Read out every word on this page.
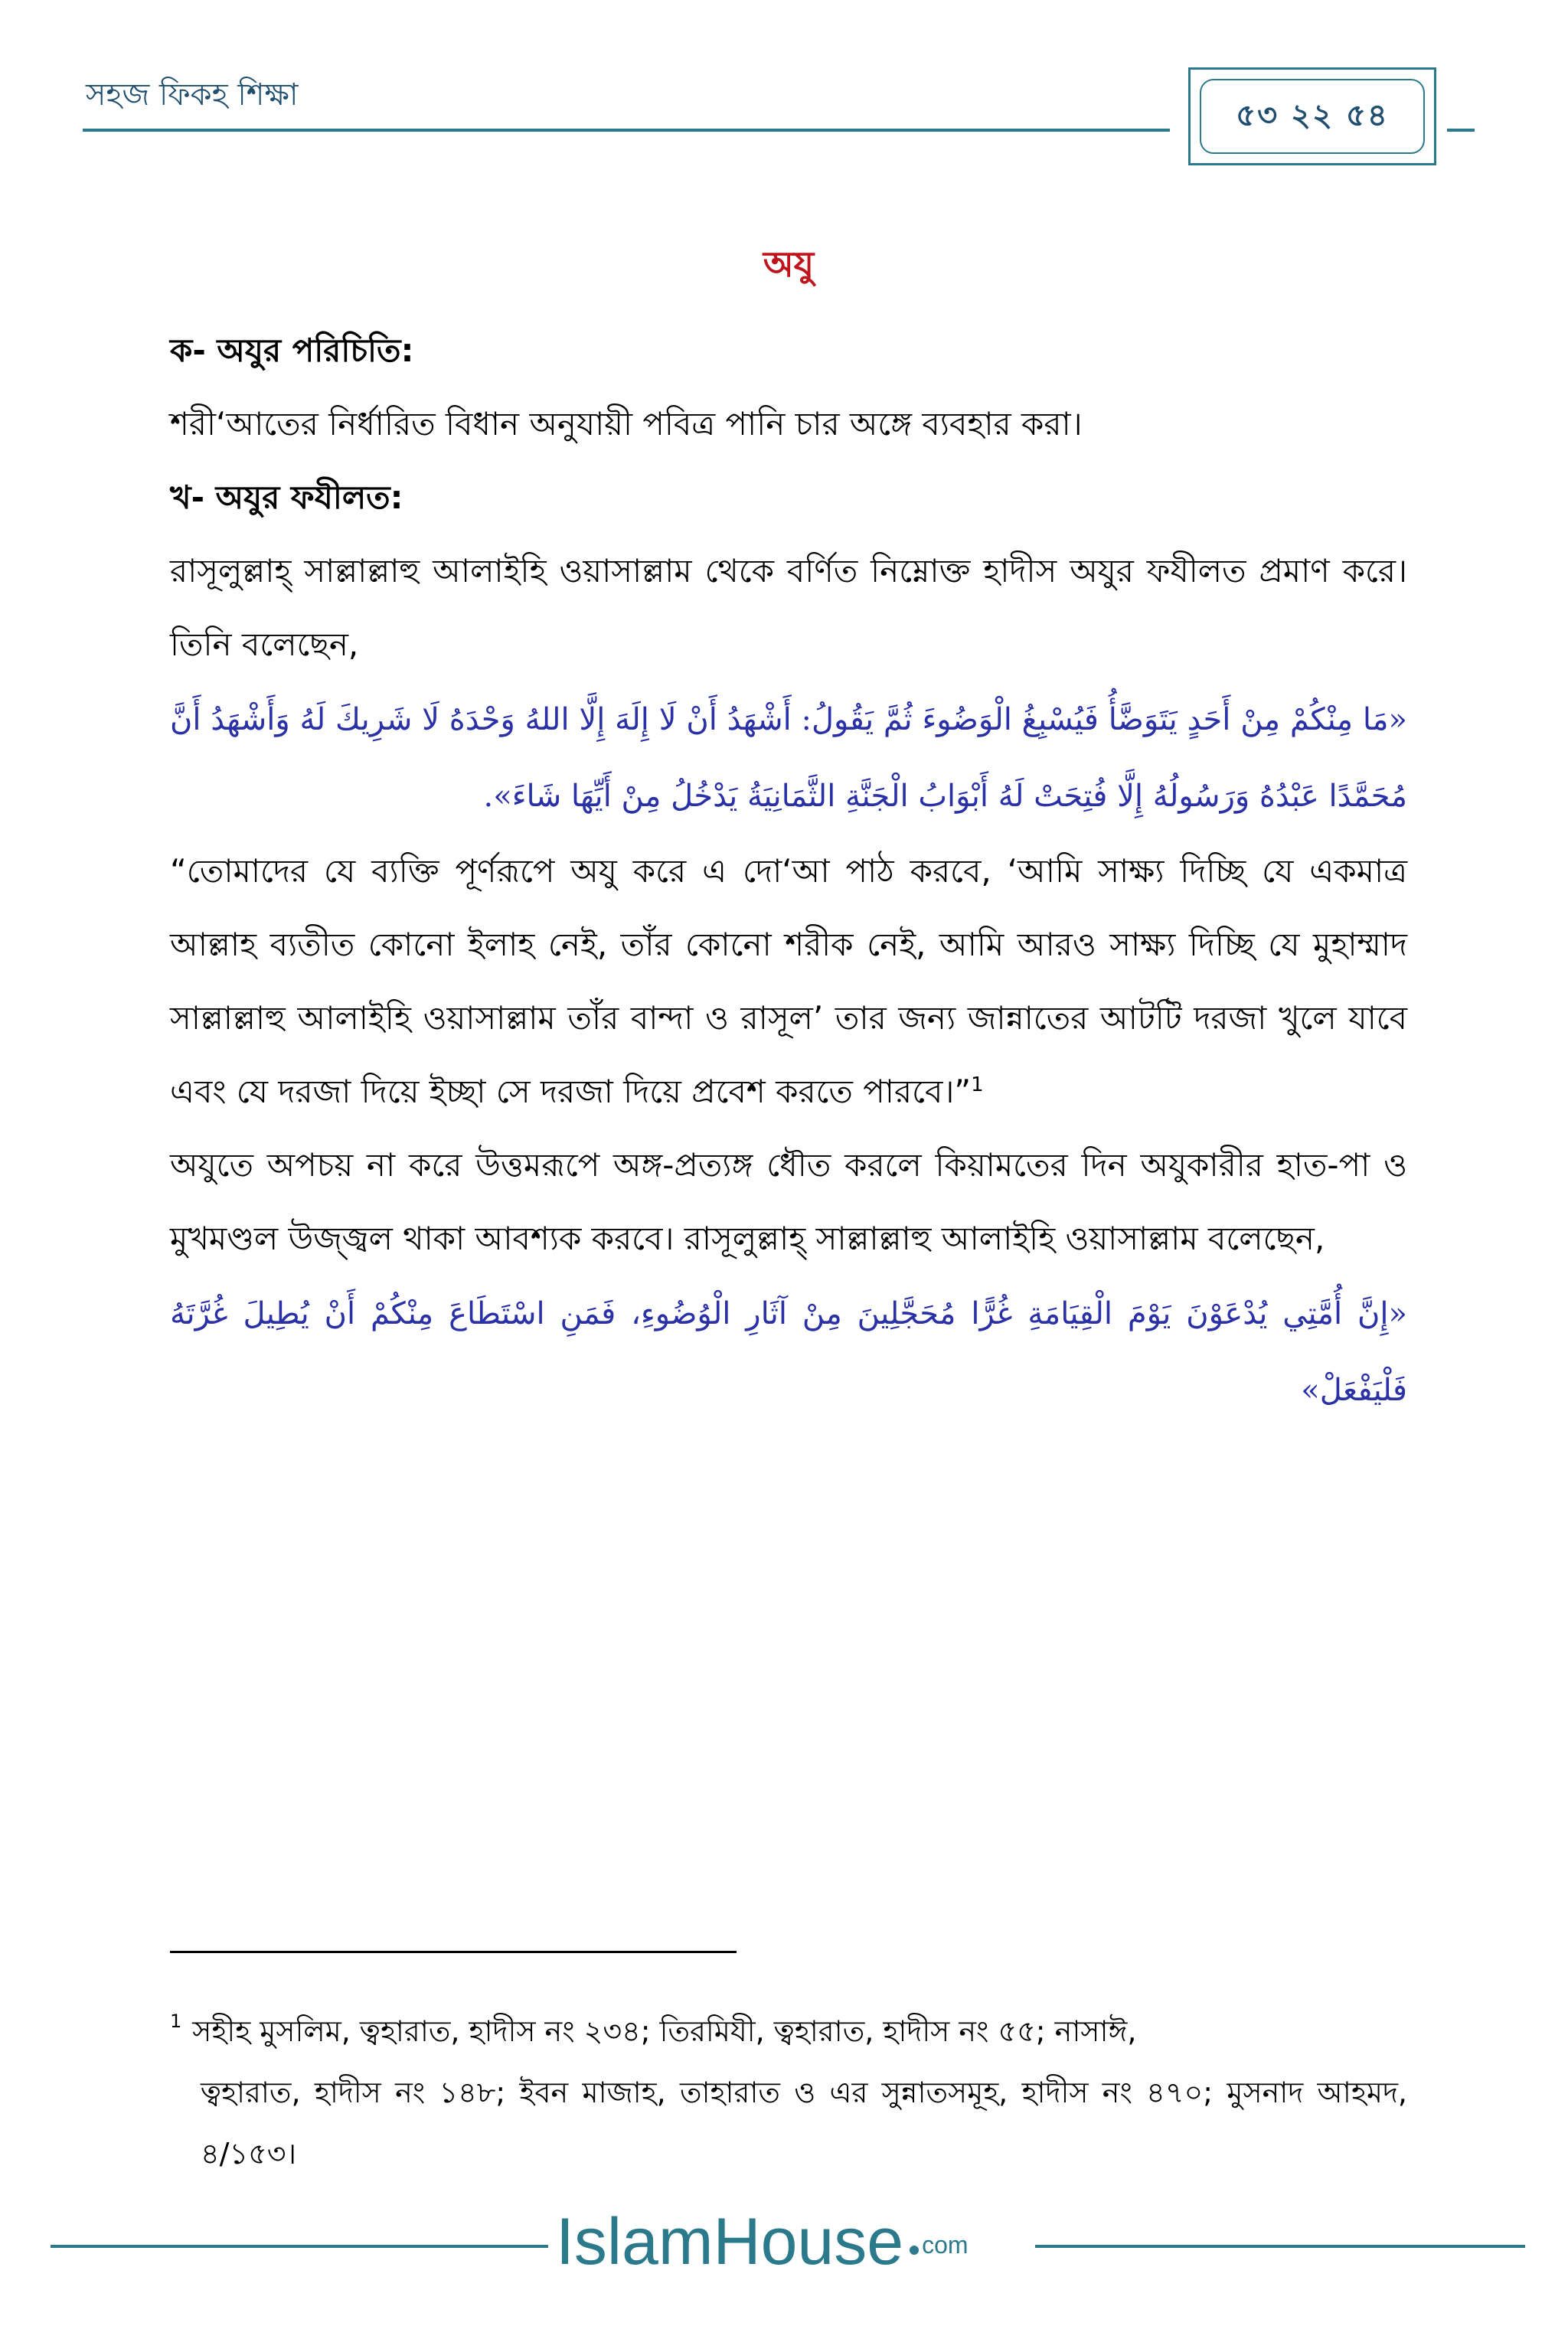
সহজ ফিকহ শিক্ষা
৫৩ ২২ ৫৪
অযু
ক- অযুর পরিচিতি:
শরী‘আতের নির্ধারিত বিধান অনুযায়ী পবিত্র পানি চার অঙ্গে ব্যবহার করা।
খ- অযুর ফযীলত:
রাসূলুল্লাহ্‌ সাল্লাল্লাহু আলাইহি ওয়াসাল্লাম থেকে বর্ণিত নিম্নোক্ত হাদীস অযুর ফযীলত প্রমাণ করে। তিনি বলেছেন,
«مَا مِنْكُمْ مِنْ أَحَدٍ يَتَوَضَّأُ فَيُسْبِغُ الْوَضُوءَ ثُمَّ يَقُولُ: أَشْهَدُ أَنْ لَا إِلَهَ إِلَّا اللهُ وَحْدَهُ لَا شَرِيكَ لَهُ وَأَشْهَدُ أَنَّ مُحَمَّدًا عَبْدُهُ وَرَسُولُهُ إِلَّا فُتِحَتْ لَهُ أَبْوَابُ الْجَنَّةِ الثَّمَانِيَةُ يَدْخُلُ مِنْ أَيِّهَا شَاءَ».
“তোমাদের যে ব্যক্তি পূর্ণরূপে অযু করে এ দো‘আ পাঠ করবে, ‘আমি সাক্ষ্য দিচ্ছি যে একমাত্র আল্লাহ ব্যতীত কোনো ইলাহ নেই, তাঁর কোনো শরীক নেই, আমি আরও সাক্ষ্য দিচ্ছি যে মুহাম্মাদ সাল্লাল্লাহু আলাইহি ওয়াসাল্লাম তাঁর বান্দা ও রাসূল’ তার জন্য জান্নাতের আটটি দরজা খুলে যাবে এবং যে দরজা দিয়ে ইচ্ছা সে দরজা দিয়ে প্রবেশ করতে পারবে।”$^1$
অযুতে অপচয় না করে উত্তমরূপে অঙ্গ-প্রত্যঙ্গ ধৌত করলে কিয়ামতের দিন অযুকারীর হাত-পা ও মুখমণ্ডল উজ্জ্বল থাকা আবশ্যক করবে। রাসূলুল্লাহ্‌ সাল্লাল্লাহু আলাইহি ওয়াসাল্লাম বলেছেন,
«إِنَّ أُمَّتِي يُدْعَوْنَ يَوْمَ الْقِيَامَةِ غُرًّا مُحَجَّلِينَ مِنْ آثَارِ الْوُضُوءِ، فَمَنِ اسْتَطَاعَ مِنْكُمْ أَنْ يُطِيلَ غُرَّتَهُ فَلْيَفْعَلْ»
$^1$ সহীহ মুসলিম, ত্বহারাত, হাদীস নং ২৩৪; তিরমিযী, ত্বহারাত, হাদীস নং ৫৫; নাসাঈ,
ত্বহারাত, হাদীস নং ১৪৮; ইবন মাজাহ, তাহারাত ও এর সুন্নাতসমূহ, হাদীস নং ৪৭০; মুসনাদ আহমদ, ৪/১৫৩।
IslamHouse com
